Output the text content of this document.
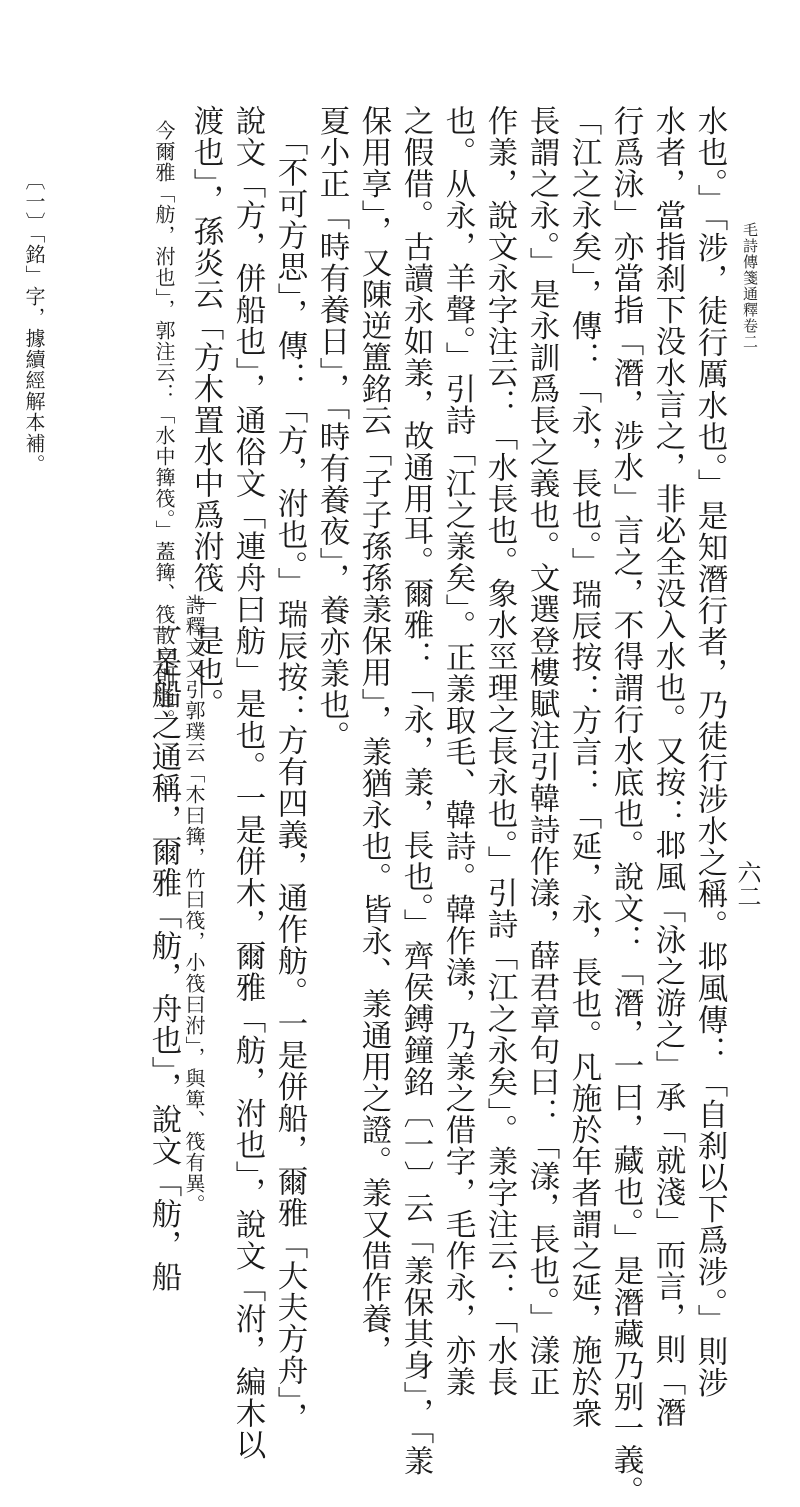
毛詩傳箋通釋卷二
六二
水也。」「涉，徒行厲水也。」是知潛行者，乃徒行涉水之稱。邶風傳：「自刹以下爲涉。」則涉
水者，當指刹下没水言之，非必全没入水也。又按：邶風「泳之游之」承「就淺」而言，則「潛
行爲泳」亦當指「潛，涉水」言之，不得謂行水底也。說文：「潛，一曰，藏也。」是潛藏乃别一義。
「江之永矣」，傳：「永，長也。」瑞辰按：方言：「延，永，長也。凡施於年者謂之延，施於衆
長謂之永。」是永訓爲長之義也。文選登樓賦注引韓詩作漾，薛君章句曰：「漾，長也。」漾正
作羕，說文永字注云：「水長也。象水巠理之長永也。」引詩「江之永矣」。羕字注云：「水長
也。从永，羊聲。」引詩「江之羕矣」。正羕取毛、韓詩。韓作漾，乃羕之借字，毛作永，亦羕
之假借。古讀永如羕，故通用耳。爾雅：「永，羕，長也。」齊侯鎛鐘銘〔一〕云「羕保其身」，「羕
保用享」，又陳逆簠銘云「子子孫孫羕保用」，羕猶永也。皆永、羕通用之證。羕又借作養，
夏小正「時有養日」，「時有養夜」，養亦羕也。
「不可方思」，傳：「方，泭也。」瑞辰按：方有四義，通作舫。一是併船，爾雅「大夫方舟」，
說文「方，併船也」，通俗文「連舟曰舫」是也。一是併木，爾雅「舫，泭也」，說文「泭，編木以
渡也」，孫炎云「方木置水中爲泭筏」是也。
詩釋文又引郭璞云「木曰篺，竹曰筏，小筏曰泭」，與箄、筏有異。
今爾雅「舫，泭也」，郭注云：「水中篺筏。」蓋篺、筏散文則通。
一是船之通稱，爾雅「舫，舟也」，說文「舫，船
〔一〕「銘」字，據續經解本補。
